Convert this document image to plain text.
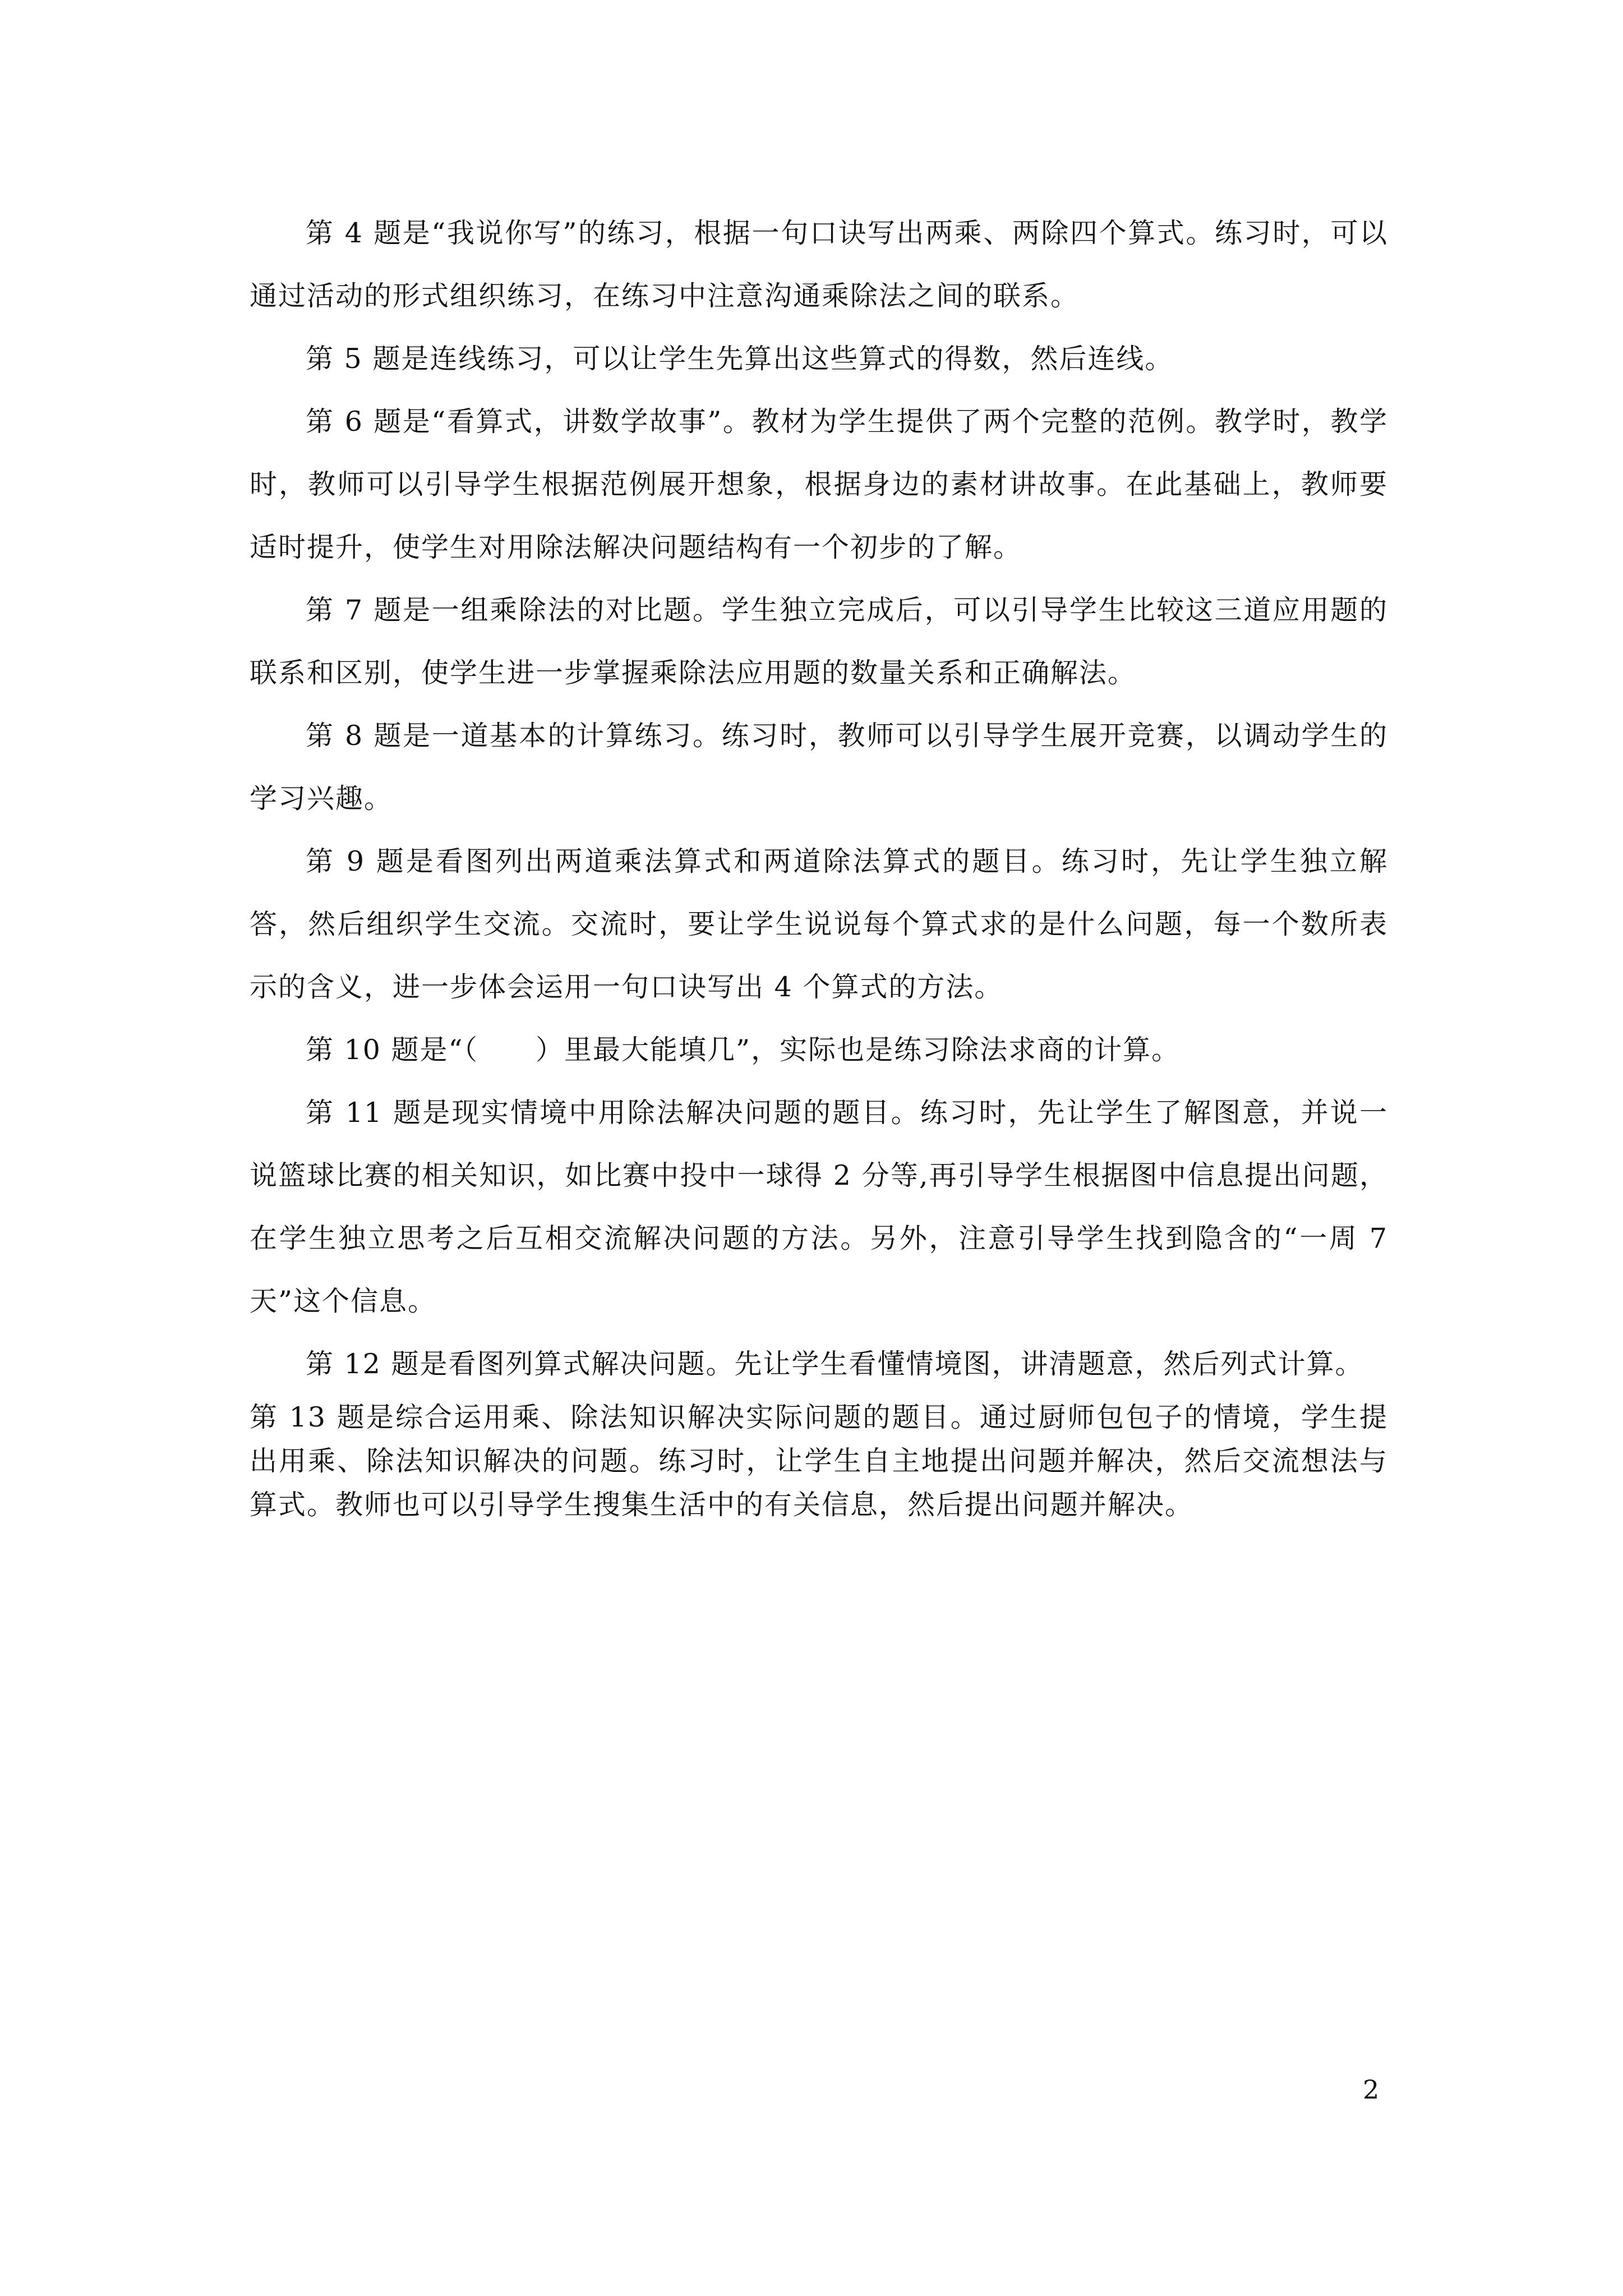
第 4 题是“我说你写”的练习，根据一句口诀写出两乘、两除四个算式。练习时，可以通过活动的形式组织练习，在练习中注意沟通乘除法之间的联系。

第 5 题是连线练习，可以让学生先算出这些算式的得数，然后连线。

第 6 题是“看算式，讲数学故事”。教材为学生提供了两个完整的范例。教学时，教学时，教师可以引导学生根据范例展开想象，根据身边的素材讲故事。在此基础上，教师要适时提升，使学生对用除法解决问题结构有一个初步的了解。

第 7 题是一组乘除法的对比题。学生独立完成后，可以引导学生比较这三道应用题的联系和区别，使学生进一步掌握乘除法应用题的数量关系和正确解法。

第 8 题是一道基本的计算练习。练习时，教师可以引导学生展开竞赛，以调动学生的学习兴趣。

第 9 题是看图列出两道乘法算式和两道除法算式的题目。练习时，先让学生独立解答，然后组织学生交流。交流时，要让学生说说每个算式求的是什么问题，每一个数所表示的含义，进一步体会运用一句口诀写出 4 个算式的方法。

第 10 题是“（　　）里最大能填几”，实际也是练习除法求商的计算。

第 11 题是现实情境中用除法解决问题的题目。练习时，先让学生了解图意，并说一说篮球比赛的相关知识，如比赛中投中一球得 2 分等,再引导学生根据图中信息提出问题，在学生独立思考之后互相交流解决问题的方法。另外，注意引导学生找到隐含的“一周 7 天”这个信息。

第 12 题是看图列算式解决问题。先让学生看懂情境图，讲清题意，然后列式计算。

第 13 题是综合运用乘、除法知识解决实际问题的题目。通过厨师包包子的情境，学生提出用乘、除法知识解决的问题。练习时，让学生自主地提出问题并解决，然后交流想法与算式。教师也可以引导学生搜集生活中的有关信息，然后提出问题并解决。

2
